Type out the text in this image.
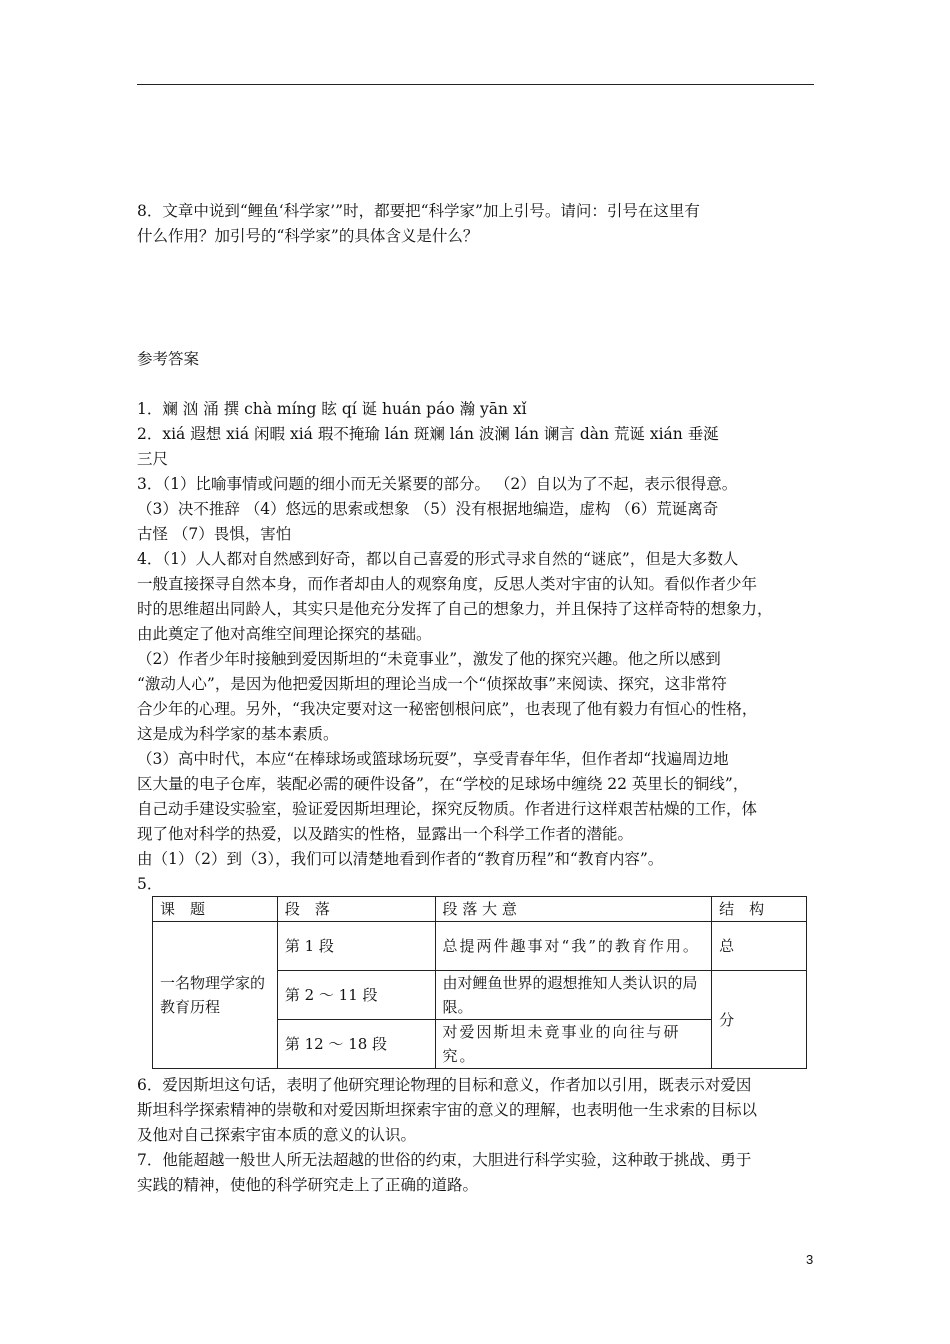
8．文章中说到“鲤鱼‘科学家’”时，都要把“科学家”加上引号。请问：引号在这里有
什么作用？加引号的“科学家”的具体含义是什么？

参考答案

1．斓 汹 涌 撰 chà míng 眩 qí 诞 huán páo 瀚 yān xǐ

2．xiá 遐想 xiá 闲暇 xiá 瑕不掩瑜 lán 斑斓 lán 波澜 lán 谰言 dàn 荒诞 xián 垂涎
三尺

3．（1）比喻事情或问题的细小而无关紧要的部分。 （2）自以为了不起，表示很得意。
（3）决不推辞 （4）悠远的思索或想象 （5）没有根据地编造，虚构 （6）荒诞离奇
古怪 （7）畏惧，害怕

4．（1）人人都对自然感到好奇，都以自己喜爱的形式寻求自然的“谜底”，但是大多数人
一般直接探寻自然本身，而作者却由人的观察角度，反思人类对宇宙的认知。看似作者少年
时的思维超出同龄人，其实只是他充分发挥了自己的想象力，并且保持了这样奇特的想象力，
由此奠定了他对高维空间理论探究的基础。
（2）作者少年时接触到爱因斯坦的“未竟事业”，激发了他的探究兴趣。他之所以感到
“激动人心”，是因为他把爱因斯坦的理论当成一个“侦探故事”来阅读、探究，这非常符
合少年的心理。另外，“我决定要对这一秘密刨根问底”，也表现了他有毅力有恒心的性格，
这是成为科学家的基本素质。
（3）高中时代，本应“在棒球场或篮球场玩耍”，享受青春年华，但作者却“找遍周边地
区大量的电子仓库，装配必需的硬件设备”，在“学校的足球场中缠绕 22 英里长的铜线”，
自己动手建设实验室，验证爱因斯坦理论，探究反物质。作者进行这样艰苦枯燥的工作，体
现了他对科学的热爱，以及踏实的性格，显露出一个科学工作者的潜能。
由（1）（2）到（3），我们可以清楚地看到作者的“教育历程”和“教育内容”。

5．

课　题	段　落	段 落 大 意	结　构
一名物理学家的教育历程	第 1 段	总提两件趣事对“我”的教育作用。	总
	第 2 ～ 11 段	由对鲤鱼世界的遐想推知人类认识的局限。	分
	第 12 ～ 18 段	对爱因斯坦未竟事业的向往与研究。	

6．爱因斯坦这句话，表明了他研究理论物理的目标和意义，作者加以引用，既表示对爱因
斯坦科学探索精神的崇敬和对爱因斯坦探索宇宙的意义的理解，也表明他一生求索的目标以
及他对自己探索宇宙本质的意义的认识。

7．他能超越一般世人所无法超越的世俗的约束，大胆进行科学实验，这种敢于挑战、勇于
实践的精神，使他的科学研究走上了正确的道路。

3
